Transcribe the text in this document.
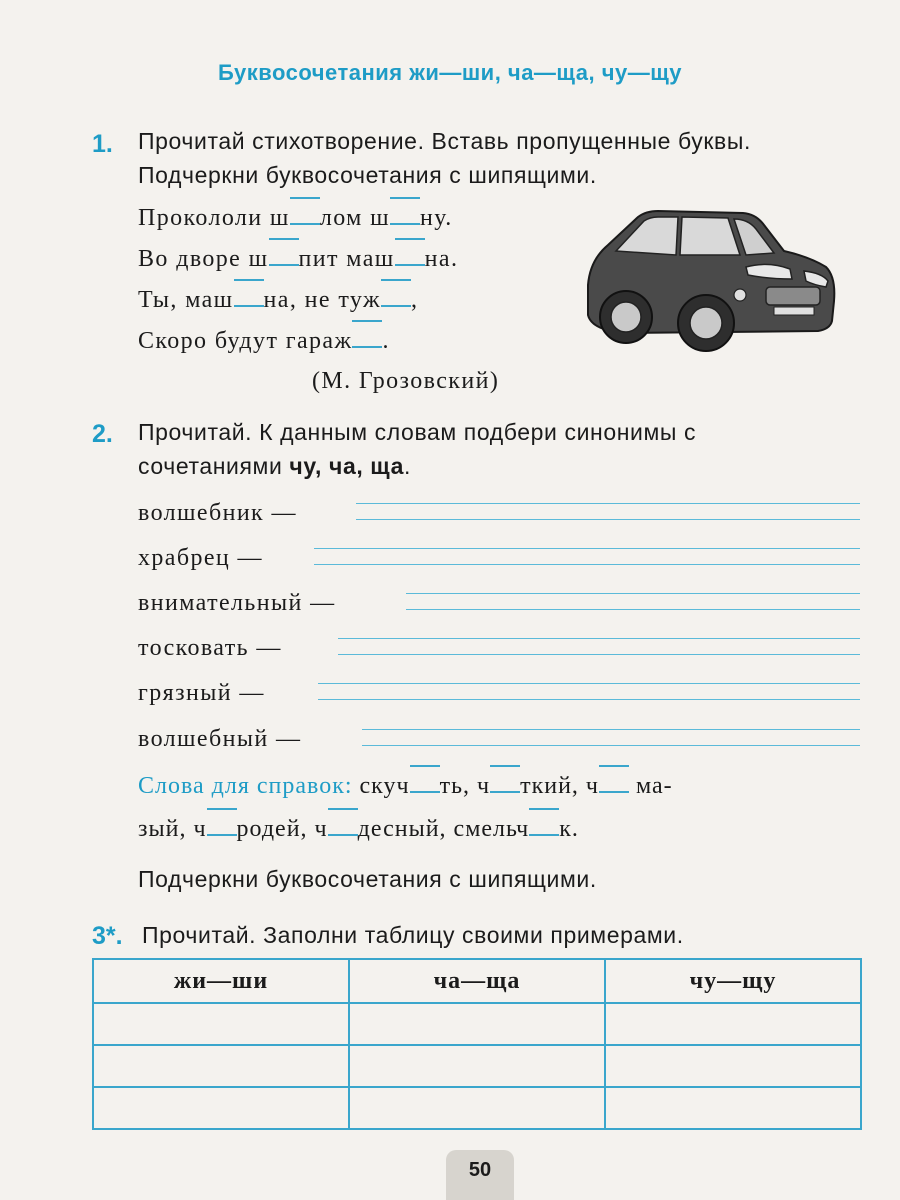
Буквосочетания жи—ши, ча—ща, чу—щу
1. Прочитай стихотворение. Вставь пропущенные буквы.
Подчеркни буквосочетания с шипящими.
Прокололи ш лом ш ну.
Во дворе ш пит маш на.
Ты, маш на, не туж ,
Скоро будут гараж .
(М. Грозовский)
2. Прочитай. К данным словам подбери синонимы с
сочетаниями чу, ча, ща.
волшебник —
храбрец —
внимательный —
тосковать —
грязный —
волшебный —
Слова для справок: скуч ть, ч ткий, ч ма-
зый, ч родей, ч десный, смельч к.
Подчеркни буквосочетания с шипящими.
3*. Прочитай. Заполни таблицу своими примерами.
жи—ши	ча—ща	чу—щу

50
